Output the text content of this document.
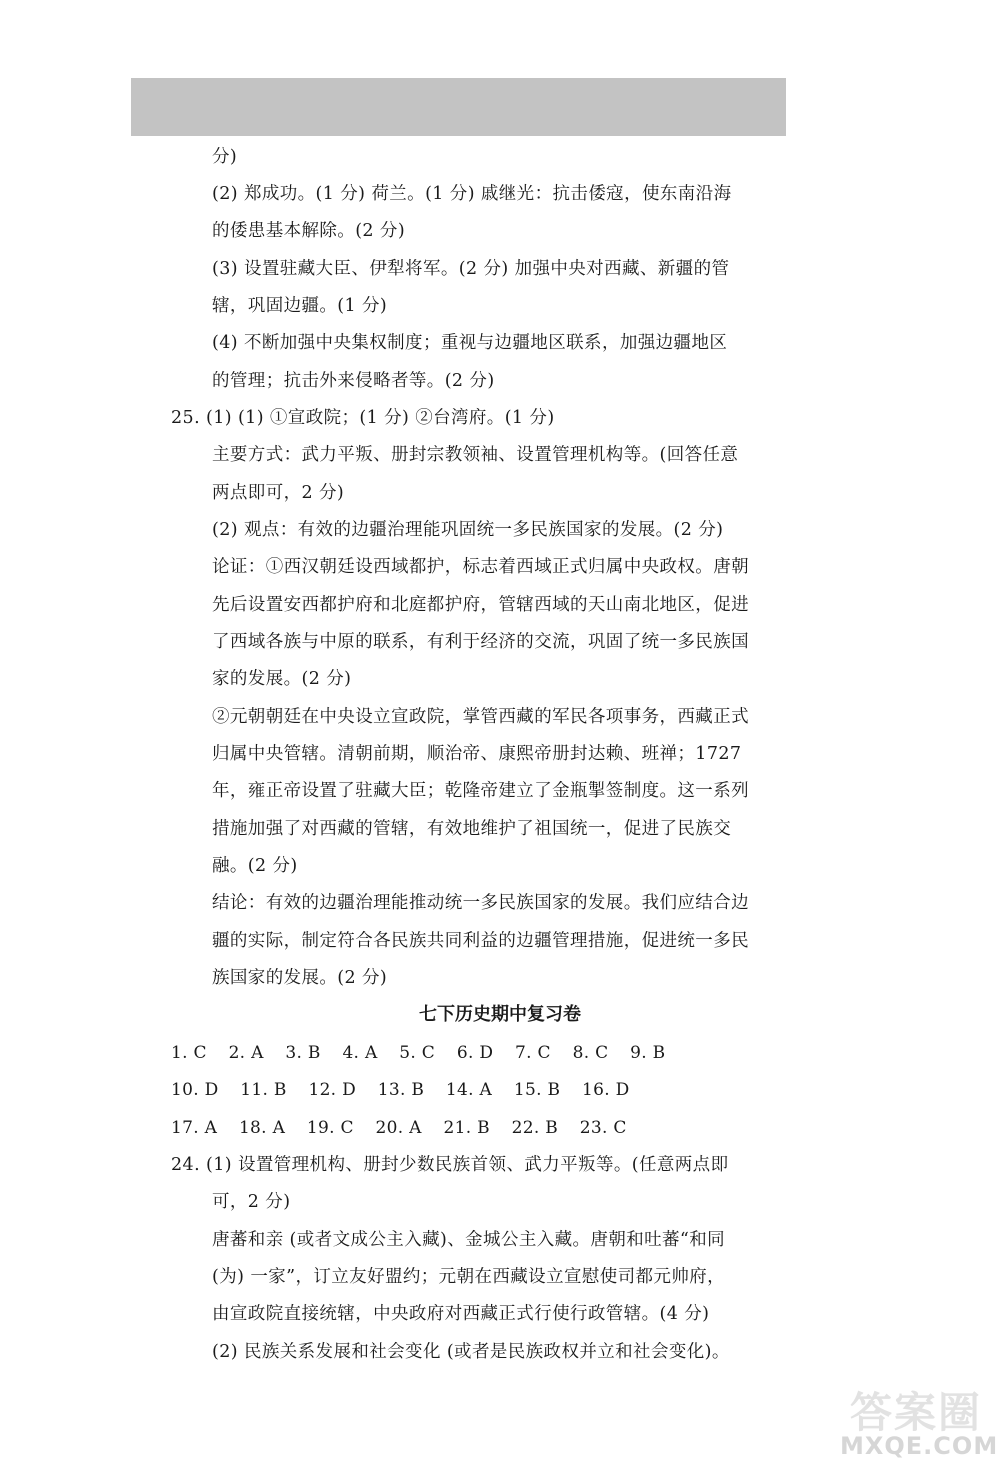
分)
(2) 郑成功。(1 分) 荷兰。(1 分) 戚继光：抗击倭寇，使东南沿海
的倭患基本解除。(2 分)
(3) 设置驻藏大臣、伊犁将军。(2 分) 加强中央对西藏、新疆的管
辖，巩固边疆。(1 分)
(4) 不断加强中央集权制度；重视与边疆地区联系，加强边疆地区
的管理；抗击外来侵略者等。(2 分)
25. (1) (1) ①宣政院；(1 分) ②台湾府。(1 分)
主要方式：武力平叛、册封宗教领袖、设置管理机构等。(回答任意
两点即可，2 分)
(2) 观点：有效的边疆治理能巩固统一多民族国家的发展。(2 分)
论证：①西汉朝廷设西域都护，标志着西域正式归属中央政权。唐朝
先后设置安西都护府和北庭都护府，管辖西域的天山南北地区，促进
了西域各族与中原的联系，有利于经济的交流，巩固了统一多民族国
家的发展。(2 分)
②元朝朝廷在中央设立宣政院，掌管西藏的军民各项事务，西藏正式
归属中央管辖。清朝前期，顺治帝、康熙帝册封达赖、班禅；1727
年，雍正帝设置了驻藏大臣；乾隆帝建立了金瓶掣签制度。这一系列
措施加强了对西藏的管辖，有效地维护了祖国统一，促进了民族交
融。(2 分)
结论：有效的边疆治理能推动统一多民族国家的发展。我们应结合边
疆的实际，制定符合各民族共同利益的边疆管理措施，促进统一多民
族国家的发展。(2 分)
七下历史期中复习卷
1. C 2. A 3. B 4. A 5. C 6. D 7. C 8. C 9. B
10. D 11. B 12. D 13. B 14. A 15. B 16. D
17. A 18. A 19. C 20. A 21. B 22. B 23. C
24. (1) 设置管理机构、册封少数民族首领、武力平叛等。(任意两点即
可，2 分)
唐蕃和亲 (或者文成公主入藏)、金城公主入藏。唐朝和吐蕃“和同
(为) 一家”，订立友好盟约；元朝在西藏设立宣慰使司都元帅府，
由宣政院直接统辖，中央政府对西藏正式行使行政管辖。(4 分)
(2) 民族关系发展和社会变化 (或者是民族政权并立和社会变化)。
答案圈
MXQE.COM
